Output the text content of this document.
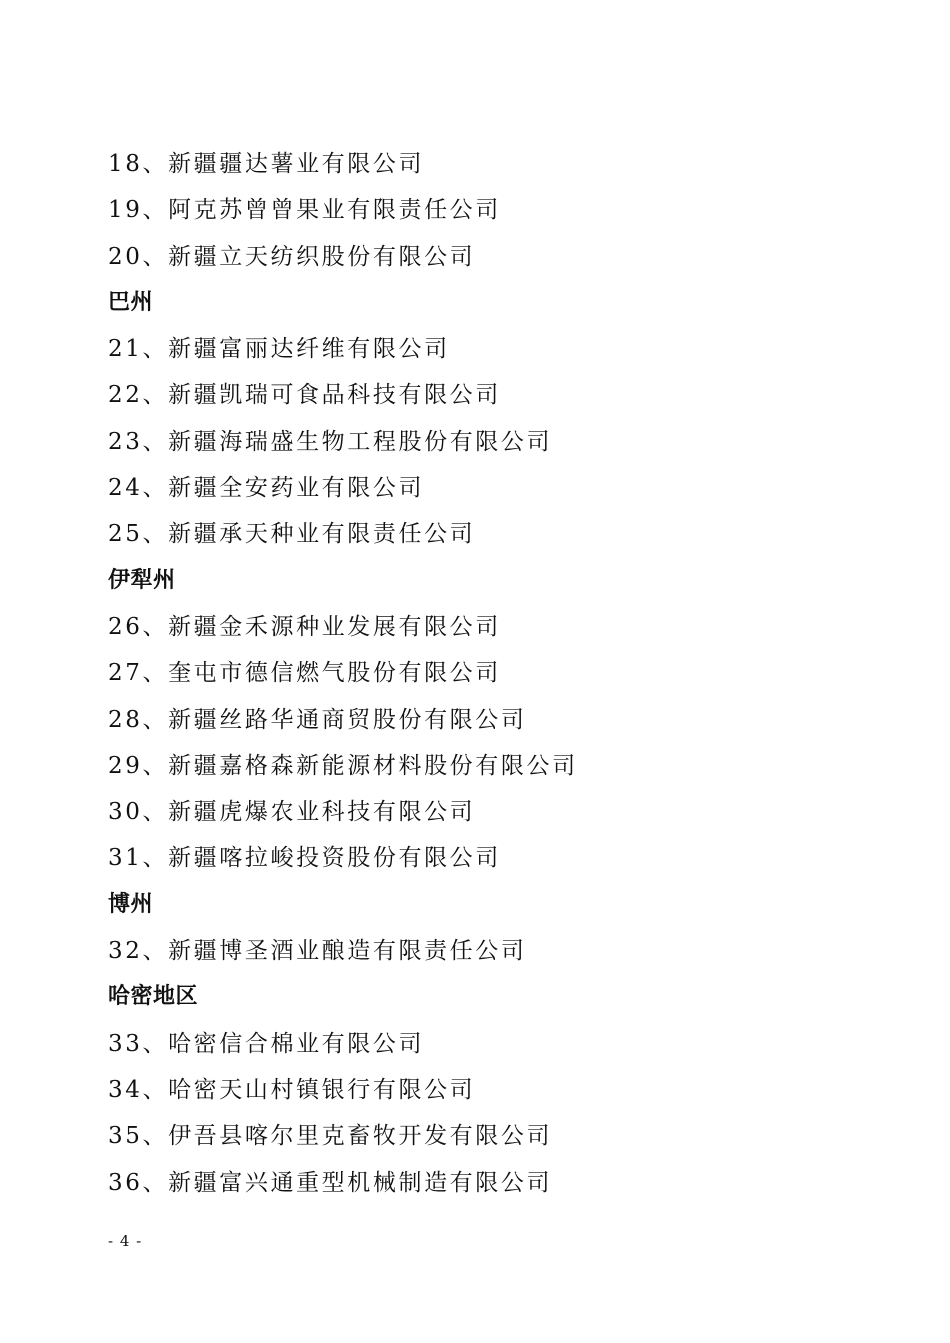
18、新疆疆达薯业有限公司
19、阿克苏曾曾果业有限责任公司
20、新疆立天纺织股份有限公司
巴州
21、新疆富丽达纤维有限公司
22、新疆凯瑞可食品科技有限公司
23、新疆海瑞盛生物工程股份有限公司
24、新疆全安药业有限公司
25、新疆承天种业有限责任公司
伊犁州
26、新疆金禾源种业发展有限公司
27、奎屯市德信燃气股份有限公司
28、新疆丝路华通商贸股份有限公司
29、新疆嘉格森新能源材料股份有限公司
30、新疆虎爆农业科技有限公司
31、新疆喀拉峻投资股份有限公司
博州
32、新疆博圣酒业酿造有限责任公司
哈密地区
33、哈密信合棉业有限公司
34、哈密天山村镇银行有限公司
35、伊吾县喀尔里克畜牧开发有限公司
36、新疆富兴通重型机械制造有限公司
- 4 -
